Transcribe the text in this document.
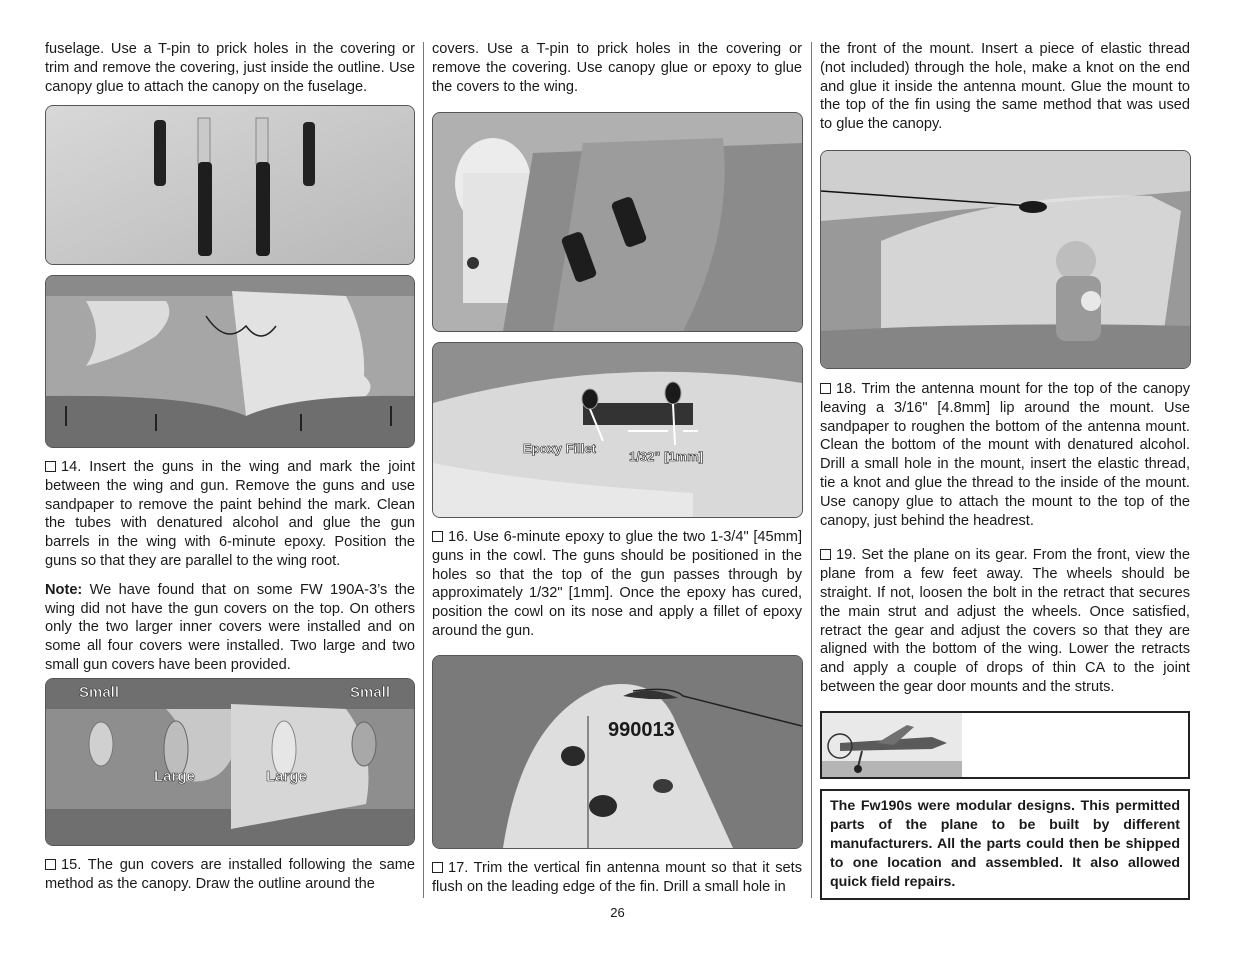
fuselage. Use a T-pin to prick holes in the covering or trim and remove the covering, just inside the outline. Use canopy glue to attach the canopy on the fuselage.

14. Insert the guns in the wing and mark the joint between the wing and gun. Remove the guns and use sandpaper to remove the paint behind the mark. Clean the tubes with denatured alcohol and glue the gun barrels in the wing with 6-minute epoxy. Position the guns so that they are parallel to the wing root.

Note: We have found that on some FW 190A-3’s the wing did not have the gun covers on the top. On others only the two larger inner covers were installed and on some all four covers were installed. Two large and two small gun covers have been provided.

Small	Small
Large	Large

15. The gun covers are installed following the same method as the canopy. Draw the outline around the

covers. Use a T-pin to prick holes in the covering or remove the covering. Use canopy glue or epoxy to glue the covers to the wing.

Epoxy Fillet
1/32" [1mm]

16. Use 6-minute epoxy to glue the two 1-3/4" [45mm] guns in the cowl. The guns should be positioned in the holes so that the top of the gun passes through by approximately 1/32" [1mm]. Once the epoxy has cured, position the cowl on its nose and apply a fillet of epoxy around the gun.

990013

17. Trim the vertical fin antenna mount so that it sets flush on the leading edge of the fin. Drill a small hole in

the front of the mount. Insert a piece of elastic thread (not included) through the hole, make a knot on the end and glue it inside the antenna mount. Glue the mount to the top of the fin using the same method that was used to glue the canopy.

18. Trim the antenna mount for the top of the canopy leaving a 3/16" [4.8mm] lip around the mount. Use sandpaper to roughen the bottom of the antenna mount. Clean the bottom of the mount with denatured alcohol. Drill a small hole in the mount, insert the elastic thread, tie a knot and glue the thread to the inside of the mount. Use canopy glue to attach the mount to the top of the canopy, just behind the headrest.

19. Set the plane on its gear. From the front, view the plane from a few feet away. The wheels should be straight. If not, loosen the bolt in the retract that secures the main strut and adjust the wheels. Once satisfied, retract the gear and adjust the covers so that they are aligned with the bottom of the wing. Lower the retracts and apply a couple of drops of thin CA to the joint between the gear door mounts and the struts.

The Fw190s were modular designs. This permitted parts of the plane to be built by different manufacturers. All the parts could then be shipped to one location and assembled. It also allowed quick field repairs.
26
